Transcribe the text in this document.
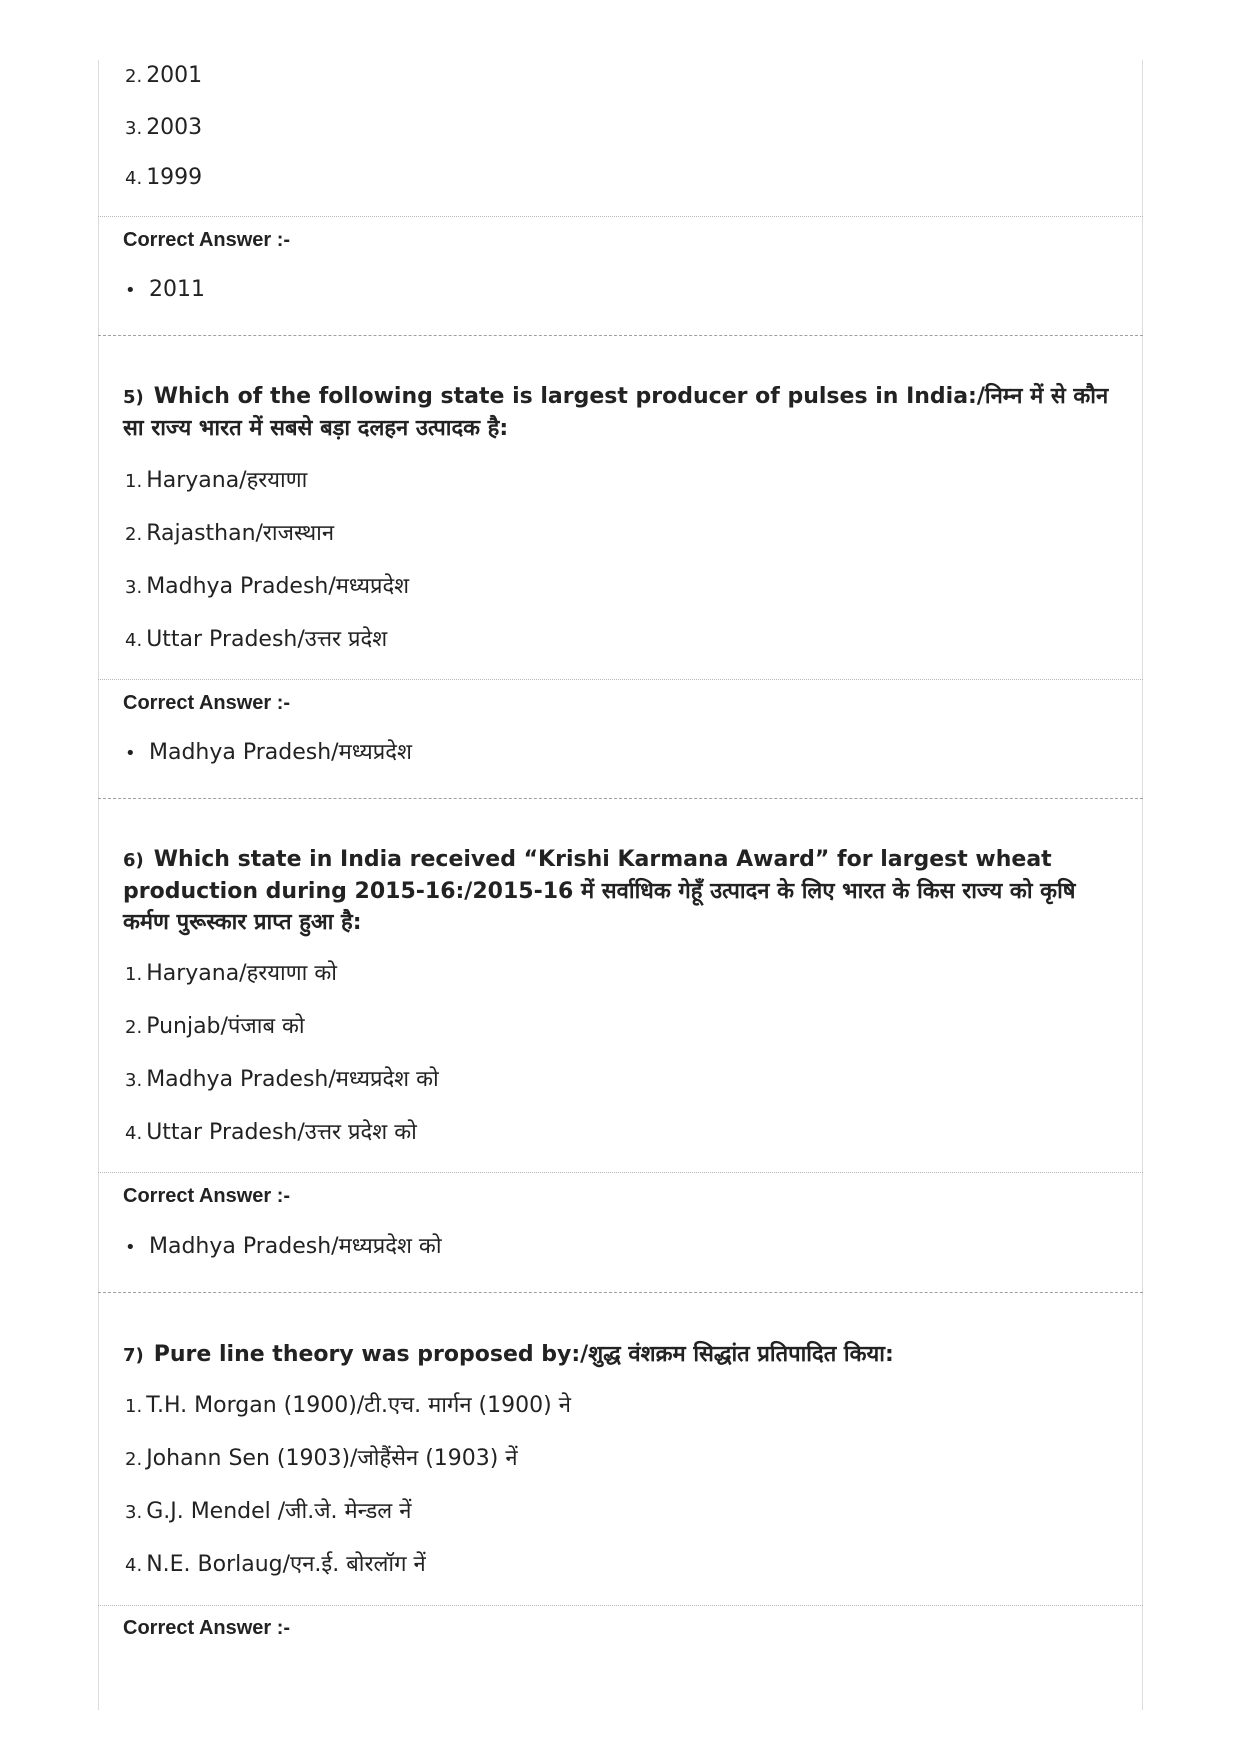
2. 2001
3. 2003
4. 1999
Correct Answer :-
• 2011
5) Which of the following state is largest producer of pulses in India:/निम्न में से कौन सा राज्य भारत में सबसे बड़ा दलहन उत्पादक है:
1. Haryana/हरयाणा
2. Rajasthan/राजस्थान
3. Madhya Pradesh/मध्यप्रदेश
4. Uttar Pradesh/उत्तर प्रदेश
Correct Answer :-
• Madhya Pradesh/मध्यप्रदेश
6) Which state in India received “Krishi Karmana Award” for largest wheat production during 2015-16:/2015-16 में सर्वाधिक गेहूँ उत्पादन के लिए भारत के किस राज्य को कृषि कर्मण पुरूस्कार प्राप्त हुआ है:
1. Haryana/हरयाणा को
2. Punjab/पंजाब को
3. Madhya Pradesh/मध्यप्रदेश को
4. Uttar Pradesh/उत्तर प्रदेश को
Correct Answer :-
• Madhya Pradesh/मध्यप्रदेश को
7) Pure line theory was proposed by:/शुद्ध वंशक्रम सिद्धांत प्रतिपादित किया:
1. T.H. Morgan (1900)/टी.एच. मार्गन (1900) ने
2. Johann Sen (1903)/जोहैंसेन (1903) नें
3. G.J. Mendel /जी.जे. मेन्डल नें
4. N.E. Borlaug/एन.ई. बोरलॉग नें
Correct Answer :-
